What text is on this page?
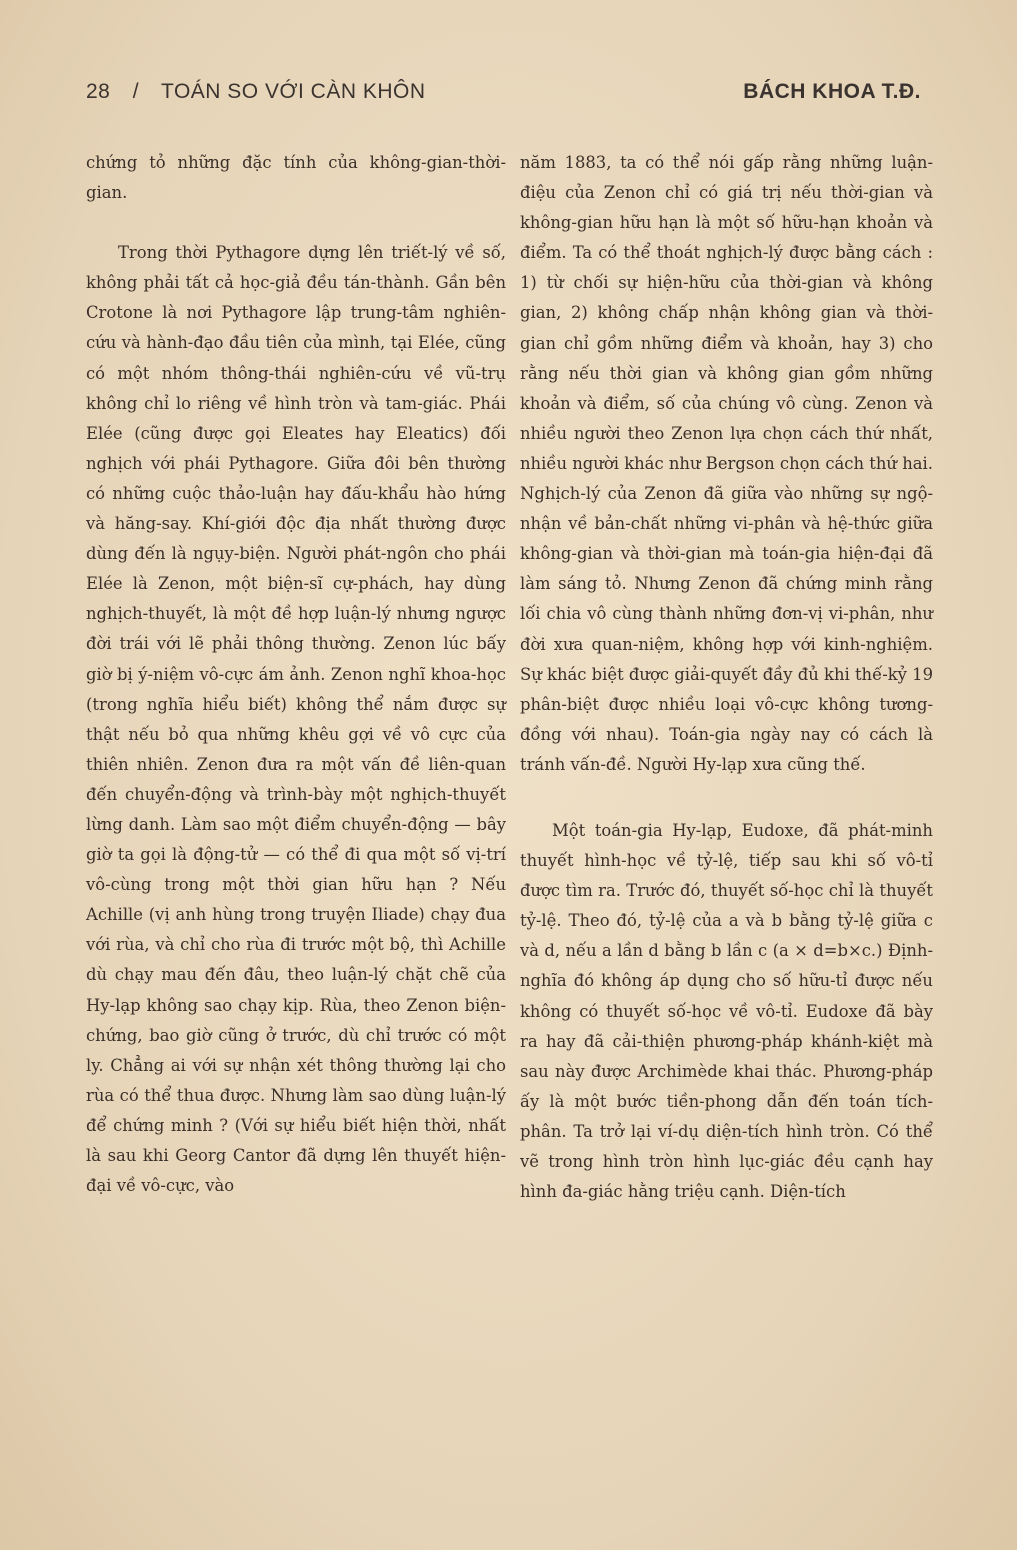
28 / TOÁN SO VỚI CÀN KHÔN	BÁCH KHOA T.Đ.

chứng tỏ những đặc tính của không-gian-thời-gian.

Trong thời Pythagore dựng lên triết-lý về số, không phải tất cả học-giả đều tán-thành. Gần bên Crotone là nơi Pythagore lập trung-tâm nghiên-cứu và hành-đạo đầu tiên của mình, tại Elée, cũng có một nhóm thông-thái nghiên-cứu về vũ-trụ không chỉ lo riêng về hình tròn và tam-giác. Phái Elée (cũng được gọi Eleates hay Eleatics) đối nghịch với phái Pythagore. Giữa đôi bên thường có những cuộc thảo-luận hay đấu-khẩu hào hứng và hăng-say. Khí-giới độc địa nhất thường được dùng đến là ngụy-biện. Người phát-ngôn cho phái Elée là Zenon, một biện-sĩ cự-phách, hay dùng nghịch-thuyết, là một đề hợp luận-lý nhưng ngược đời trái với lẽ phải thông thường. Zenon lúc bấy giờ bị ý-niệm vô-cực ám ảnh. Zenon nghĩ khoa-học (trong nghĩa hiểu biết) không thể nắm được sự thật nếu bỏ qua những khêu gợi về vô cực của thiên nhiên. Zenon đưa ra một vấn đề liên-quan đến chuyển-động và trình-bày một nghịch-thuyết lừng danh. Làm sao một điểm chuyển-động — bây giờ ta gọi là động-tử — có thể đi qua một số vị-trí vô-cùng trong một thời gian hữu hạn ? Nếu Achille (vị anh hùng trong truyện Iliade) chạy đua với rùa, và chỉ cho rùa đi trước một bộ, thì Achille dù chạy mau đến đâu, theo luận-lý chặt chẽ của Hy-lạp không sao chạy kịp. Rùa, theo Zenon biện-chứng, bao giờ cũng ở trước, dù chỉ trước có một ly. Chẳng ai với sự nhận xét thông thường lại cho rùa có thể thua được. Nhưng làm sao dùng luận-lý để chứng minh ? (Với sự hiểu biết hiện thời, nhất là sau khi Georg Cantor đã dựng lên thuyết hiện-đại về vô-cực, vào

năm 1883, ta có thể nói gấp rằng những luận-điệu của Zenon chỉ có giá trị nếu thời-gian và không-gian hữu hạn là một số hữu-hạn khoản và điểm. Ta có thể thoát nghịch-lý được bằng cách : 1) từ chối sự hiện-hữu của thời-gian và không gian, 2) không chấp nhận không gian và thời-gian chỉ gồm những điểm và khoản, hay 3) cho rằng nếu thời gian và không gian gồm những khoản và điểm, số của chúng vô cùng. Zenon và nhiều người theo Zenon lựa chọn cách thứ nhất, nhiều người khác như Bergson chọn cách thứ hai. Nghịch-lý của Zenon đã giữa vào những sự ngộ-nhận về bản-chất những vi-phân và hệ-thức giữa không-gian và thời-gian mà toán-gia hiện-đại đã làm sáng tỏ. Nhưng Zenon đã chứng minh rằng lối chia vô cùng thành những đơn-vị vi-phân, như đời xưa quan-niệm, không hợp với kinh-nghiệm. Sự khác biệt được giải-quyết đầy đủ khi thế-kỷ 19 phân-biệt được nhiều loại vô-cực không tương-đồng với nhau). Toán-gia ngày nay có cách là tránh vấn-đề. Người Hy-lạp xưa cũng thế.

Một toán-gia Hy-lạp, Eudoxe, đã phát-minh thuyết hình-học về tỷ-lệ, tiếp sau khi số vô-tỉ được tìm ra. Trước đó, thuyết số-học chỉ là thuyết tỷ-lệ. Theo đó, tỷ-lệ của a và b bằng tỷ-lệ giữa c và d, nếu a lần d bằng b lần c (a × d=b×c.) Định-nghĩa đó không áp dụng cho số hữu-tỉ được nếu không có thuyết số-học về vô-tỉ. Eudoxe đã bày ra hay đã cải-thiện phương-pháp khánh-kiệt mà sau này được Archimède khai thác. Phương-pháp ấy là một bước tiền-phong dẫn đến toán tích-phân. Ta trở lại ví-dụ diện-tích hình tròn. Có thể vẽ trong hình tròn hình lục-giác đều cạnh hay hình đa-giác hằng triệu cạnh. Diện-tích
